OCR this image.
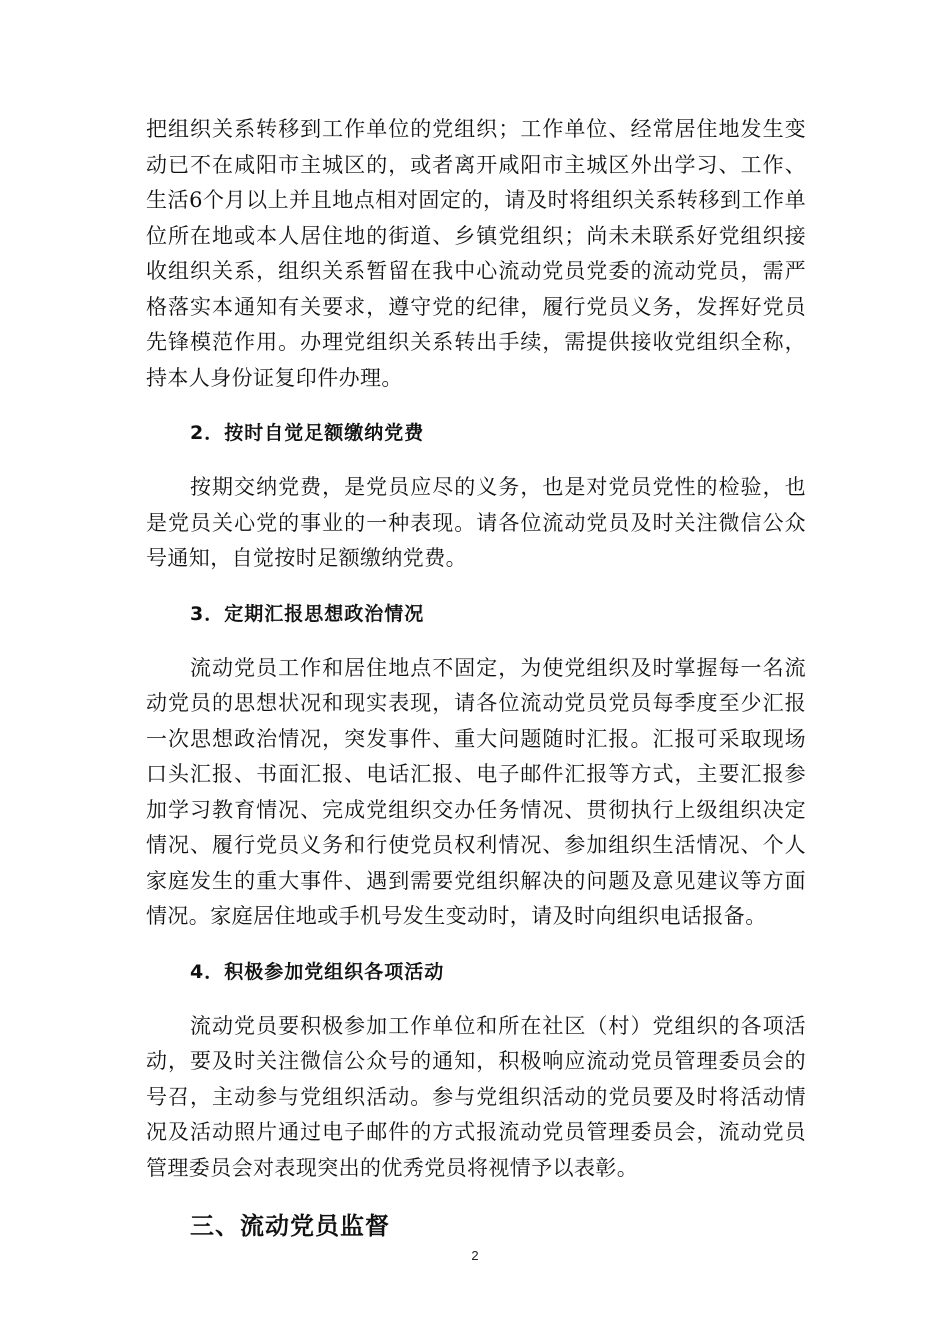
把组织关系转移到工作单位的党组织；工作单位、经常居住地发生变动已不在咸阳市主城区的，或者离开咸阳市主城区外出学习、工作、生活6个月以上并且地点相对固定的，请及时将组织关系转移到工作单位所在地或本人居住地的街道、乡镇党组织；尚未未联系好党组织接收组织关系，组织关系暂留在我中心流动党员党委的流动党员，需严格落实本通知有关要求，遵守党的纪律，履行党员义务，发挥好党员先锋模范作用。办理党组织关系转出手续，需提供接收党组织全称，持本人身份证复印件办理。

2．按时自觉足额缴纳党费

按期交纳党费，是党员应尽的义务，也是对党员党性的检验，也是党员关心党的事业的一种表现。请各位流动党员及时关注微信公众号通知，自觉按时足额缴纳党费。

3．定期汇报思想政治情况

流动党员工作和居住地点不固定，为使党组织及时掌握每一名流动党员的思想状况和现实表现，请各位流动党员党员每季度至少汇报一次思想政治情况，突发事件、重大问题随时汇报。汇报可采取现场口头汇报、书面汇报、电话汇报、电子邮件汇报等方式，主要汇报参加学习教育情况、完成党组织交办任务情况、贯彻执行上级组织决定情况、履行党员义务和行使党员权利情况、参加组织生活情况、个人家庭发生的重大事件、遇到需要党组织解决的问题及意见建议等方面情况。家庭居住地或手机号发生变动时，请及时向组织电话报备。

4．积极参加党组织各项活动

流动党员要积极参加工作单位和所在社区（村）党组织的各项活动，要及时关注微信公众号的通知，积极响应流动党员管理委员会的号召，主动参与党组织活动。参与党组织活动的党员要及时将活动情况及活动照片通过电子邮件的方式报流动党员管理委员会，流动党员管理委员会对表现突出的优秀党员将视情予以表彰。

三、流动党员监督
2
